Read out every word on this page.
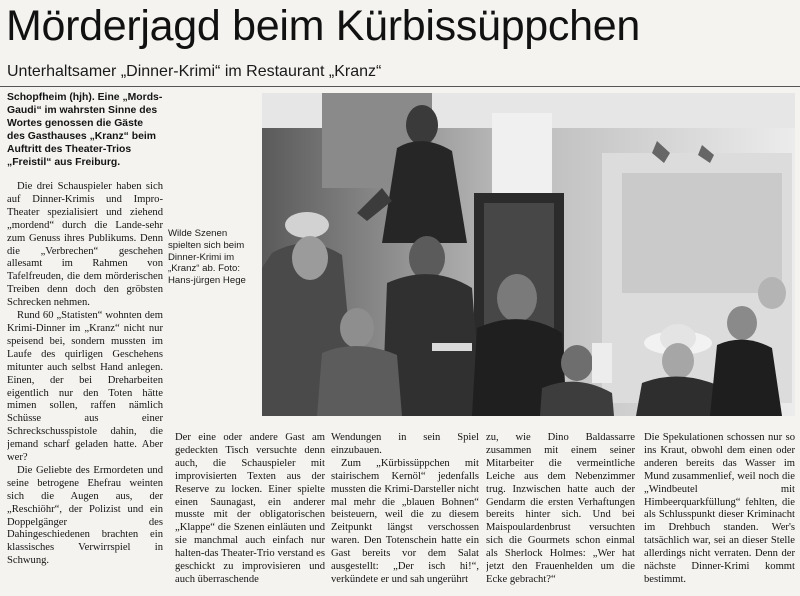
Mörderjagd beim Kürbissüppchen
Unterhaltsamer „Dinner-Krimi“ im Restaurant „Kranz“

Schopfheim (hjh). Eine „Mords-Gaudi“ im wahrsten Sinne des Wortes genossen die Gäste des Gasthauses „Kranz“ beim Auftritt des Theater-Trios „Freistil“ aus Freiburg.

Die drei Schauspieler haben sich auf Dinner-Krimis und Impro-Theater spezialisiert und ziehend „mordend“ durch die Lande-sehr zum Genuss ihres Publikums. Denn die „Verbrechen“ geschehen allesamt im Rahmen von Tafelfreuden, die dem mörderischen Treiben denn doch den gröbsten Schrecken nehmen.

Rund 60 „Statisten“ wohnten dem Krimi-Dinner im „Kranz“ nicht nur speisend bei, sondern mussten im Laufe des quirligen Geschehens mitunter auch selbst Hand anlegen. Einen, der bei Dreharbeiten eigentlich nur den Toten hätte mimen sollen, raffen nämlich Schüsse aus einer Schreckschusspistole dahin, die jemand scharf geladen hatte. Aber wer?

Die Geliebte des Ermordeten und seine betrogene Ehefrau weinten sich die Augen aus, der „Reschiöhr“, der Polizist und ein Doppelgänger des Dahingeschiedenen brachten ein klassisches Verwirrspiel in Schwung.

Wilde Szenen spielten sich beim Dinner-Krimi im „Kranz“ ab. Foto: Hans-jürgen Hege

Der eine oder andere Gast am gedeckten Tisch versuchte denn auch, die Schauspieler mit improvisierten Texten aus der Reserve zu locken. Einer spielte einen Saunagast, ein anderer musste mit der obligatorischen „Klappe“ die Szenen einläuten und sie manchmal auch einfach nur halten-das Theater-Trio verstand es geschickt zu improvisieren und auch überraschende

Wendungen in sein Spiel einzubauen.

Zum „Kürbissüppchen mit stairischem Kernöl“ jedenfalls mussten die Krimi-Darsteller nicht mal mehr die „blauen Bohnen“ beisteuern, weil die zu diesem Zeitpunkt längst verschossen waren. Den Totenschein hatte ein Gast bereits vor dem Salat ausgestellt: „Der isch hi!“, verkündete er und sah ungerührt

zu, wie Dino Baldassarre zusammen mit einem seiner Mitarbeiter die vermeintliche Leiche aus dem Nebenzimmer trug. Inzwischen hatte auch der Gendarm die ersten Verhaftungen bereits hinter sich. Und bei Maispoulardenbrust versuchten sich die Gourmets schon einmal als Sherlock Holmes: „Wer hat jetzt den Frauenhelden um die Ecke gebracht?“

Die Spekulationen schossen nur so ins Kraut, obwohl dem einen oder anderen bereits das Wasser im Mund zusammenlief, weil noch die „Windbeutel mit Himbeerquarkfüllung“ fehlten, die als Schlusspunkt dieser Kriminacht im Drehbuch standen. Wer's tatsächlich war, sei an dieser Stelle allerdings nicht verraten. Denn der nächste Dinner-Krimi kommt bestimmt.
